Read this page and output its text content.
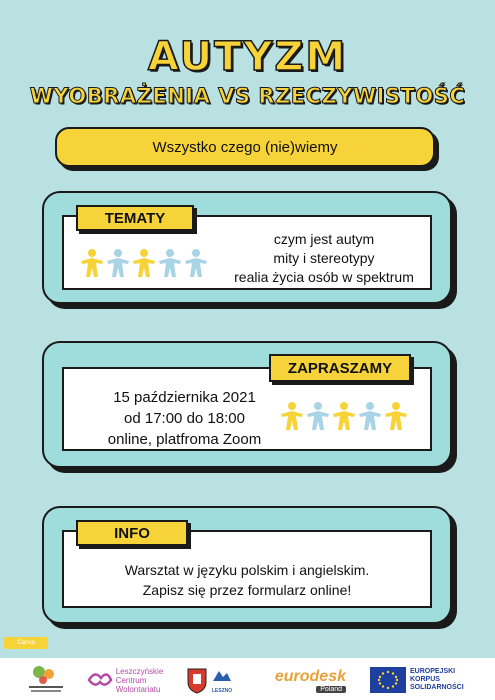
AUTYZM
WYOBRAŻENIA VS RZECZYWISTOŚĆ
Wszystko czego (nie)wiemy
TEMATY
czym jest autym
mity i stereotypy
realia życia osób w spektrum
ZAPRASZAMY
15 października 2021
od 17:00 do 18:00
online, platfroma Zoom
INFO
Warsztat w języku polskim i angielskim.
Zapisz się przez formularz online!
Canva
Leszczyńskie
Centrum
Wolontariatu	LESZNO
eurodesk
Poland
EUROPEJSKI
KORPUS
SOLIDARNOŚCI
